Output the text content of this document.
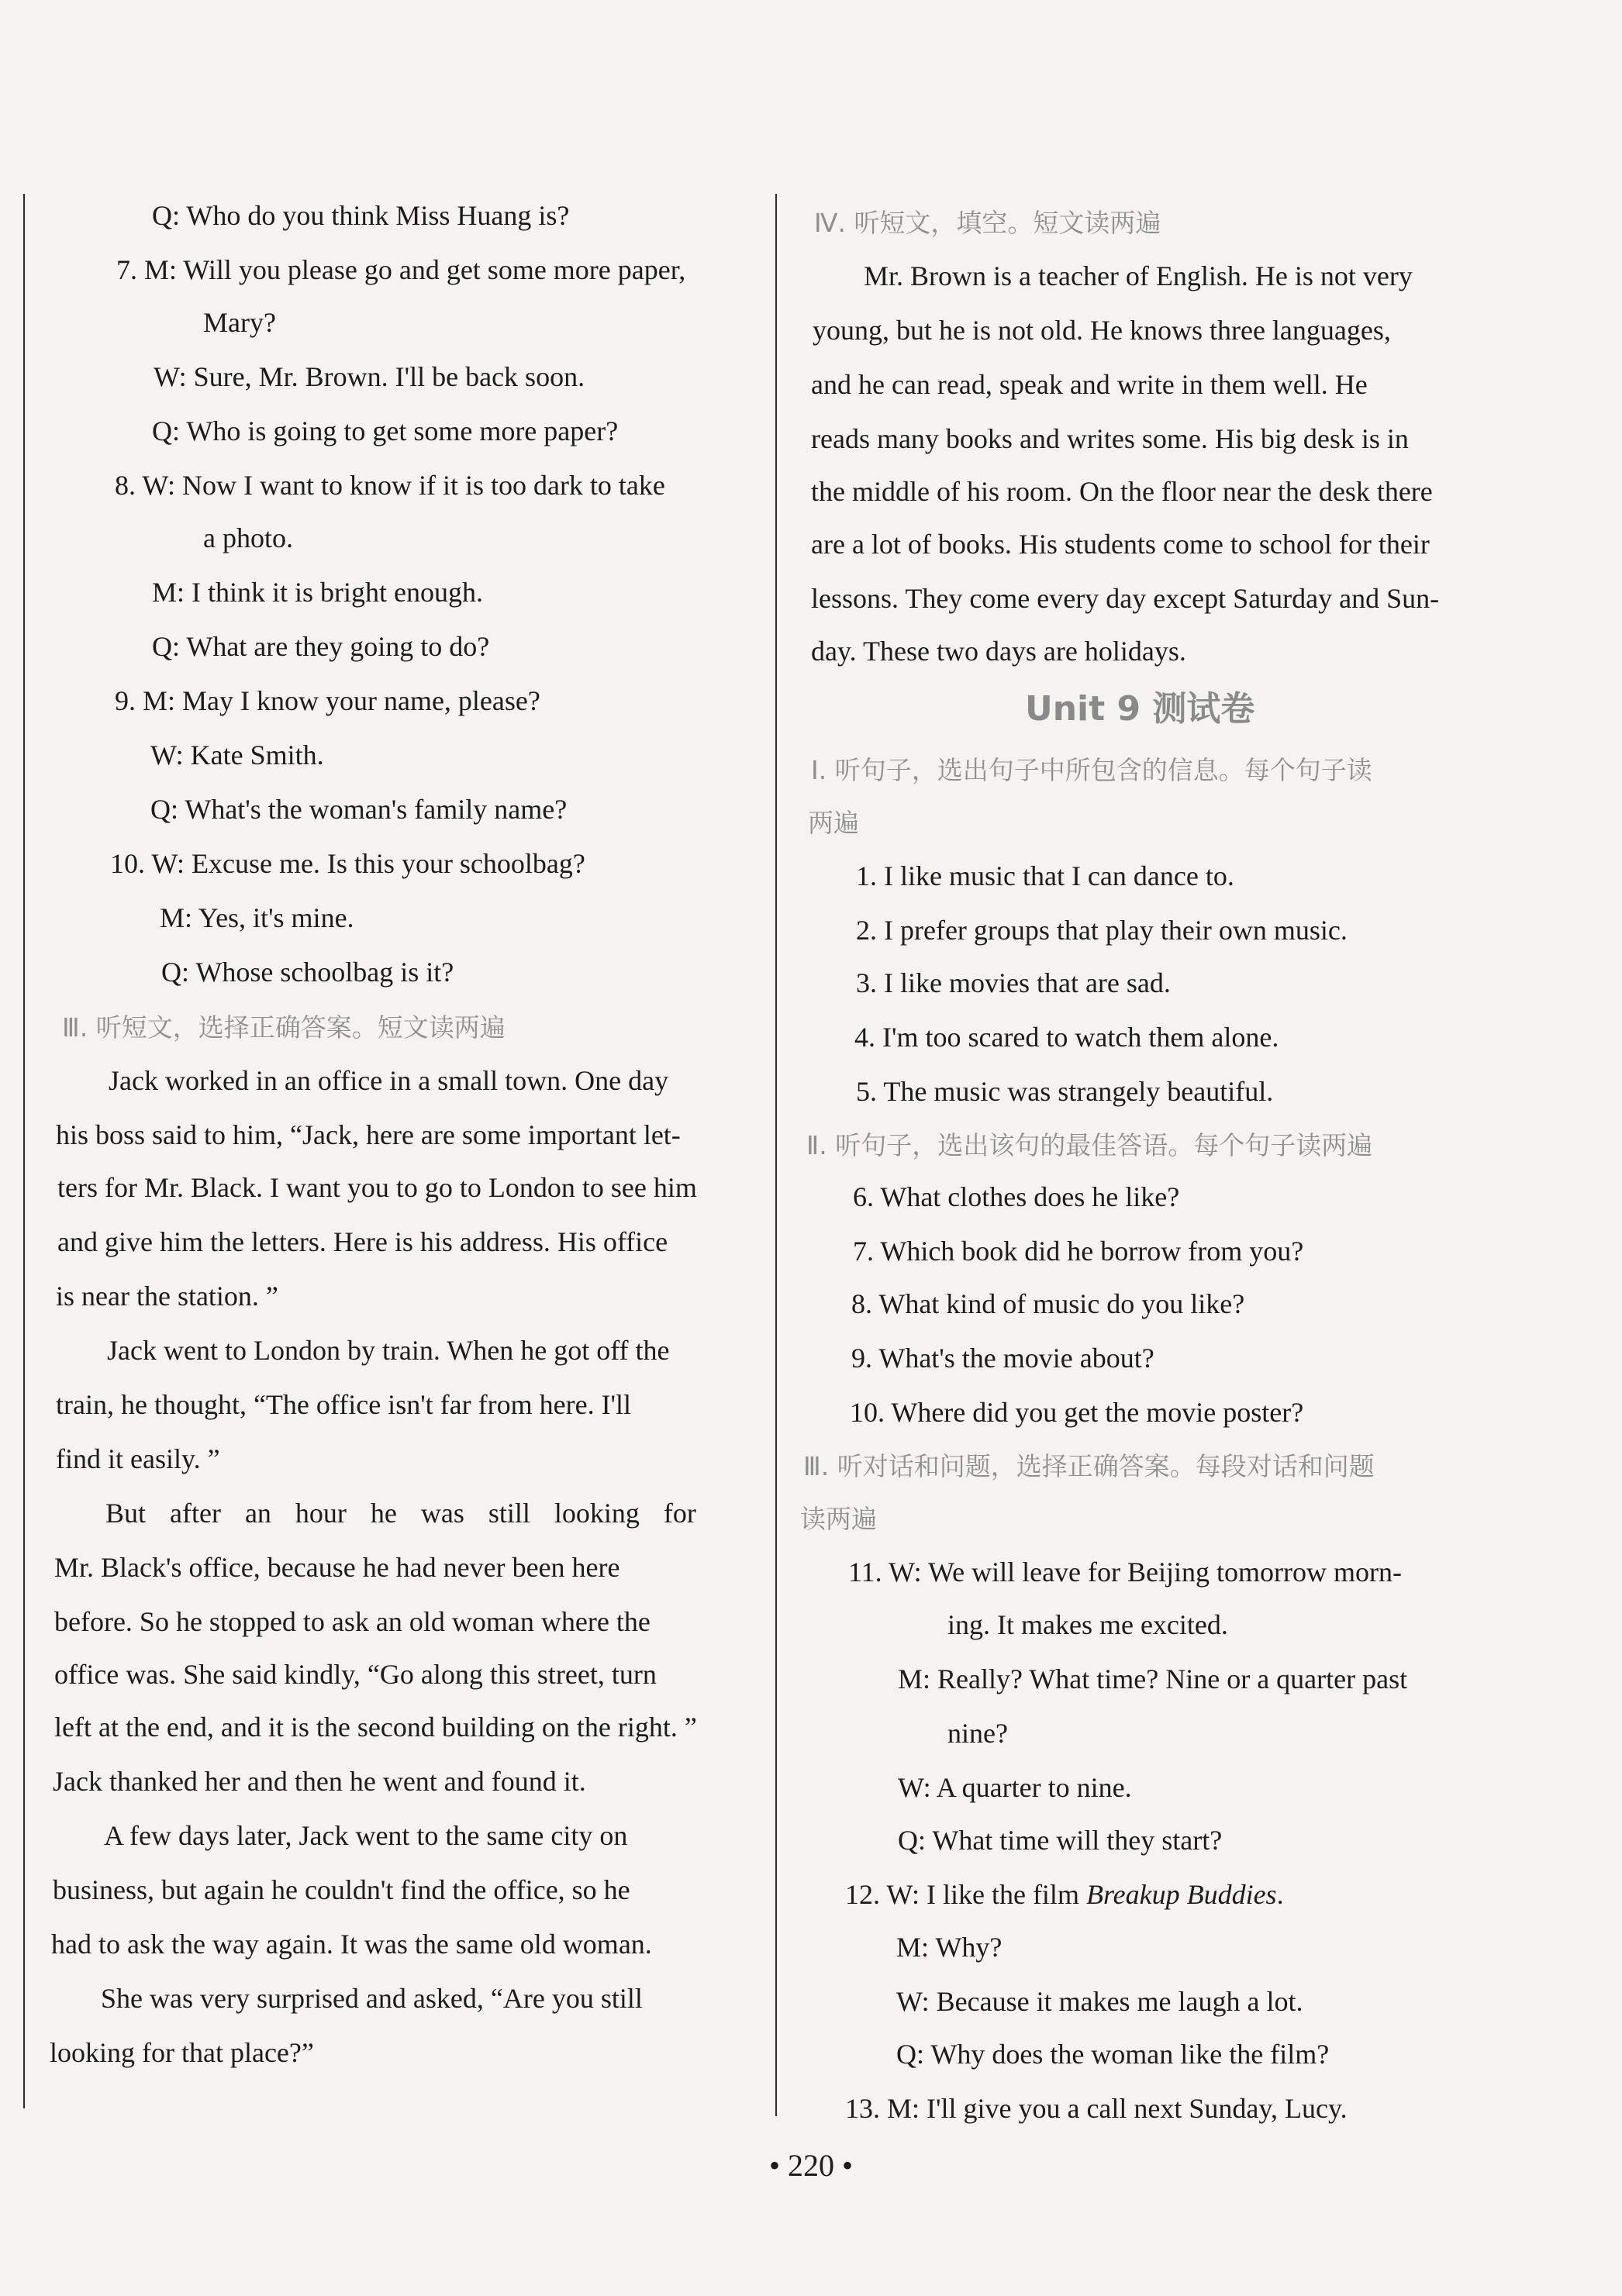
Q: Who do you think Miss Huang is?
7. M: Will you please go and get some more paper,
Mary?
W: Sure, Mr. Brown. I'll be back soon.
Q: Who is going to get some more paper?
8. W: Now I want to know if it is too dark to take
a photo.
M: I think it is bright enough.
Q: What are they going to do?
9. M: May I know your name, please?
W: Kate Smith.
Q: What's the woman's family name?
10. W: Excuse me. Is this your schoolbag?
M: Yes, it's mine.
Q: Whose schoolbag is it?
Ⅲ. 听短文，选择正确答案。短文读两遍
Jack worked in an office in a small town. One day
his boss said to him, “Jack, here are some important let-
ters for Mr. Black. I want you to go to London to see him
and give him the letters. Here is his address. His office
is near the station. ”
Jack went to London by train. When he got off the
train, he thought, “The office isn't far from here. I'll
find it easily. ”
But after an hour he was still looking for
Mr. Black's office, because he had never been here
before. So he stopped to ask an old woman where the
office was. She said kindly, “Go along this street, turn
left at the end, and it is the second building on the right. ”
Jack thanked her and then he went and found it.
A few days later, Jack went to the same city on
business, but again he couldn't find the office, so he
had to ask the way again. It was the same old woman.
She was very surprised and asked, “Are you still
looking for that place?”
Ⅳ. 听短文，填空。短文读两遍
Mr. Brown is a teacher of English. He is not very
young, but he is not old. He knows three languages,
and he can read, speak and write in them well. He
reads many books and writes some. His big desk is in
the middle of his room. On the floor near the desk there
are a lot of books. His students come to school for their
lessons. They come every day except Saturday and Sun-
day. These two days are holidays.
Unit 9 测试卷
Ⅰ. 听句子，选出句子中所包含的信息。每个句子读
两遍
1. I like music that I can dance to.
2. I prefer groups that play their own music.
3. I like movies that are sad.
4. I'm too scared to watch them alone.
5. The music was strangely beautiful.
Ⅱ. 听句子，选出该句的最佳答语。每个句子读两遍
6. What clothes does he like?
7. Which book did he borrow from you?
8. What kind of music do you like?
9. What's the movie about?
10. Where did you get the movie poster?
Ⅲ. 听对话和问题，选择正确答案。每段对话和问题
读两遍
11. W: We will leave for Beijing tomorrow morn-
ing. It makes me excited.
M: Really? What time? Nine or a quarter past
nine?
W: A quarter to nine.
Q: What time will they start?
12. W: I like the film Breakup Buddies.
M: Why?
W: Because it makes me laugh a lot.
Q: Why does the woman like the film?
13. M: I'll give you a call next Sunday, Lucy.
• 220 •
